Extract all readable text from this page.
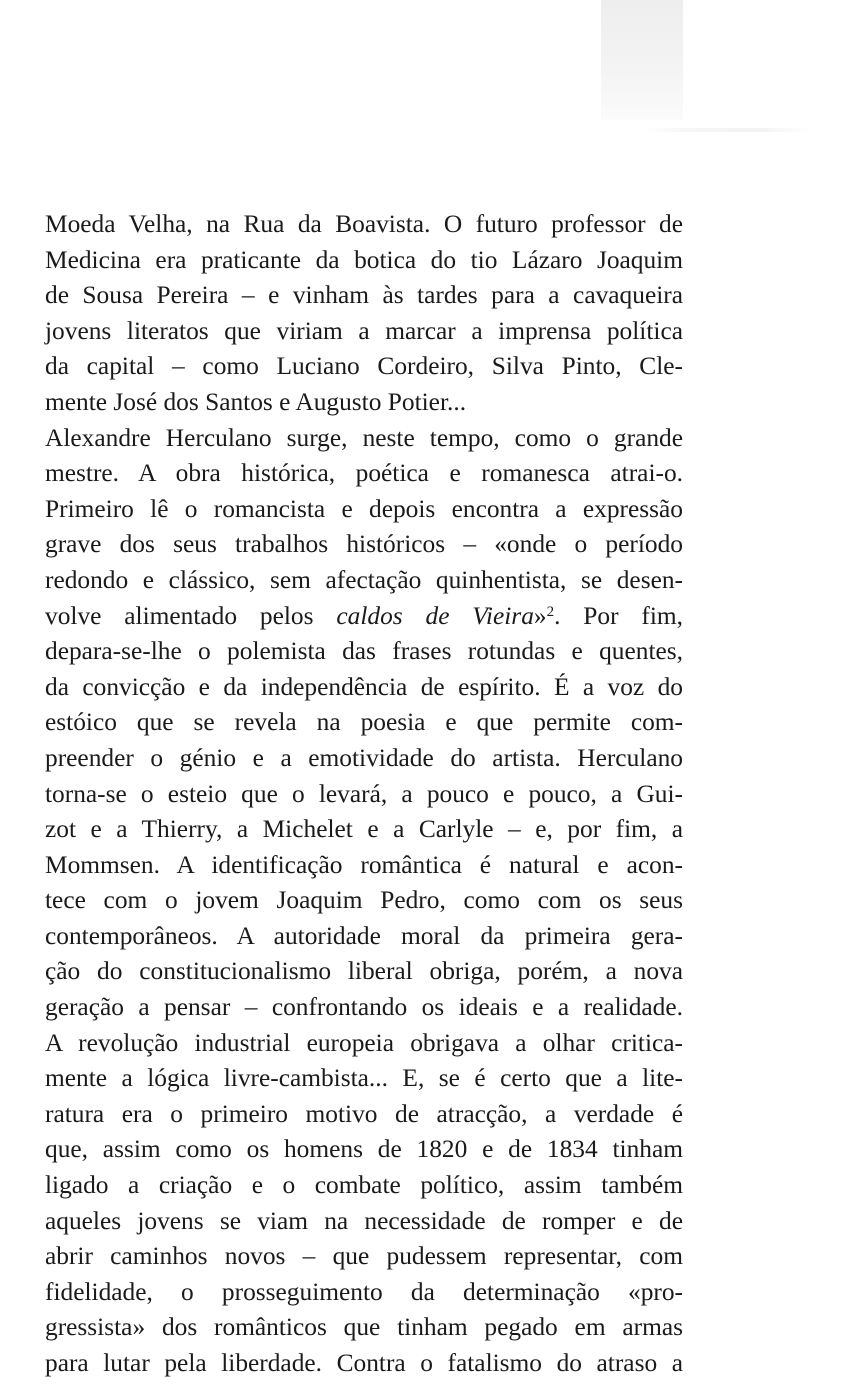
Moeda Velha, na Rua da Boavista. O futuro professor de
Medicina era praticante da botica do tio Lázaro Joaquim
de Sousa Pereira – e vinham às tardes para a cavaqueira
jovens literatos que viriam a marcar a imprensa política
da capital – como Luciano Cordeiro, Silva Pinto, Cle-
mente José dos Santos e Augusto Potier...
Alexandre Herculano surge, neste tempo, como o grande
mestre. A obra histórica, poética e romanesca atrai-o.
Primeiro lê o romancista e depois encontra a expressão
grave dos seus trabalhos históricos – «onde o período
redondo e clássico, sem afectação quinhentista, se desen-
volve alimentado pelos caldos de Vieira»$^2$. Por fim,
depara-se-lhe o polemista das frases rotundas e quentes,
da convicção e da independência de espírito. É a voz do
estóico que se revela na poesia e que permite com-
preender o génio e a emotividade do artista. Herculano
torna-se o esteio que o levará, a pouco e pouco, a Gui-
zot e a Thierry, a Michelet e a Carlyle – e, por fim, a
Mommsen. A identificação romântica é natural e acon-
tece com o jovem Joaquim Pedro, como com os seus
contemporâneos. A autoridade moral da primeira gera-
ção do constitucionalismo liberal obriga, porém, a nova
geração a pensar – confrontando os ideais e a realidade.
A revolução industrial europeia obrigava a olhar critica-
mente a lógica livre-cambista... E, se é certo que a lite-
ratura era o primeiro motivo de atracção, a verdade é
que, assim como os homens de 1820 e de 1834 tinham
ligado a criação e o combate político, assim também
aqueles jovens se viam na necessidade de romper e de
abrir caminhos novos – que pudessem representar, com
fidelidade, o prosseguimento da determinação «pro-
gressista» dos românticos que tinham pegado em armas
para lutar pela liberdade. Contra o fatalismo do atraso a
